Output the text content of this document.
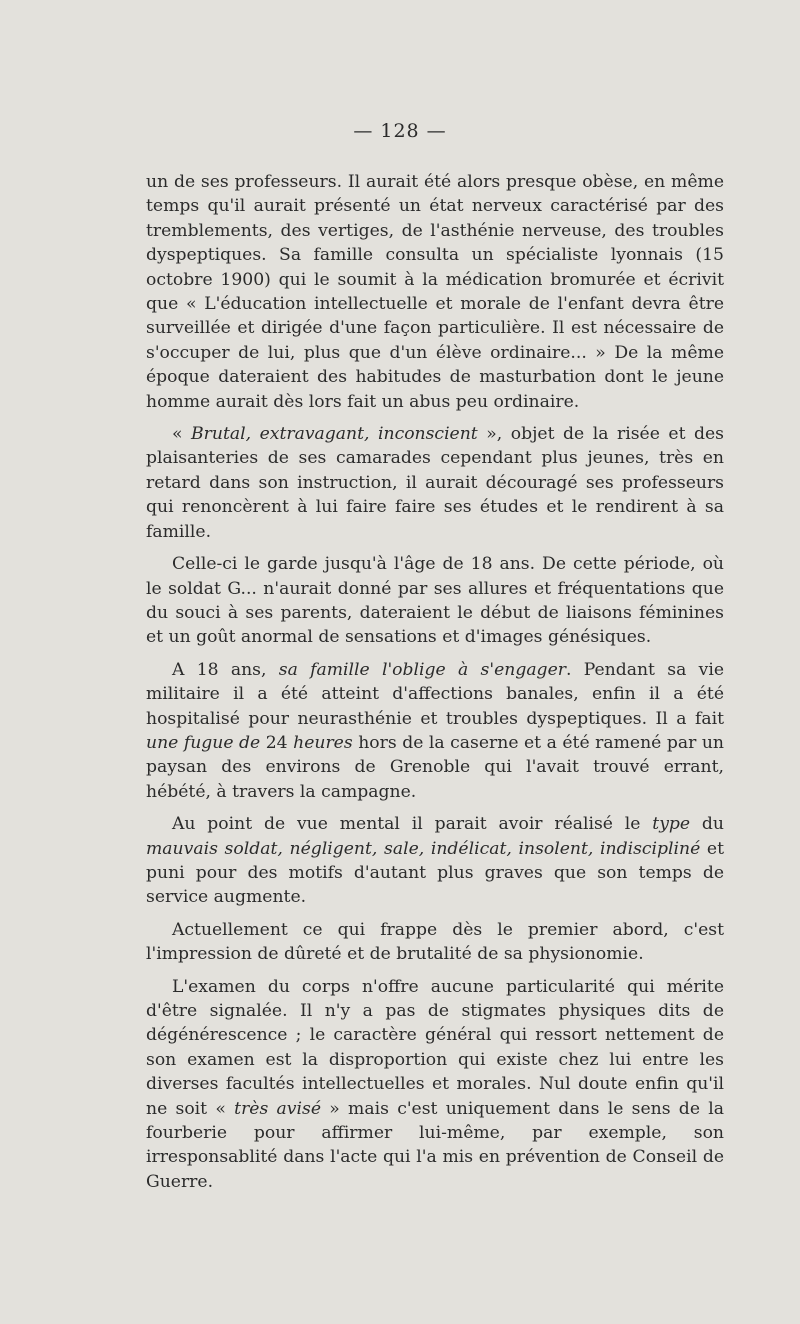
— 128 —

un de ses professeurs. Il aurait été alors presque obèse, en même temps qu'il aurait présenté un état nerveux caractérisé par des tremblements, des vertiges, de l'asthénie nerveuse, des troubles dyspeptiques. Sa famille consulta un spécialiste lyonnais (15 octobre 1900) qui le soumit à la médication bromurée et écrivit que « L'éducation intellectuelle et morale de l'enfant devra être surveillée et dirigée d'une façon particulière. Il est nécessaire de s'occuper de lui, plus que d'un élève ordinaire... » De la même époque dateraient des habitudes de masturbation dont le jeune homme aurait dès lors fait un abus peu ordinaire.

« Brutal, extravagant, inconscient », objet de la risée et des plaisanteries de ses camarades cependant plus jeunes, très en retard dans son instruction, il aurait découragé ses professeurs qui renoncèrent à lui faire faire ses études et le rendirent à sa famille.

Celle-ci le garde jusqu'à l'âge de 18 ans. De cette période, où le soldat G... n'aurait donné par ses allures et fréquentations que du souci à ses parents, dateraient le début de liaisons féminines et un goût anormal de sensations et d'images génésiques.

A 18 ans, sa famille l'oblige à s'engager. Pendant sa vie militaire il a été atteint d'affections banales, enfin il a été hospitalisé pour neurasthénie et troubles dyspeptiques. Il a fait une fugue de 24 heures hors de la caserne et a été ramené par un paysan des environs de Grenoble qui l'avait trouvé errant, hébété, à travers la campagne.

Au point de vue mental il parait avoir réalisé le type du mauvais soldat, négligent, sale, indélicat, insolent, indiscipliné et puni pour des motifs d'autant plus graves que son temps de service augmente.

Actuellement ce qui frappe dès le premier abord, c'est l'impression de dûreté et de brutalité de sa physionomie.

L'examen du corps n'offre aucune particularité qui mérite d'être signalée. Il n'y a pas de stigmates physiques dits de dégénérescence ; le caractère général qui ressort nettement de son examen est la disproportion qui existe chez lui entre les diverses facultés intellectuelles et morales. Nul doute enfin qu'il ne soit « très avisé » mais c'est uniquement dans le sens de la fourberie pour affirmer lui-même, par exemple, son irresponsablité dans l'acte qui l'a mis en prévention de Conseil de Guerre.
